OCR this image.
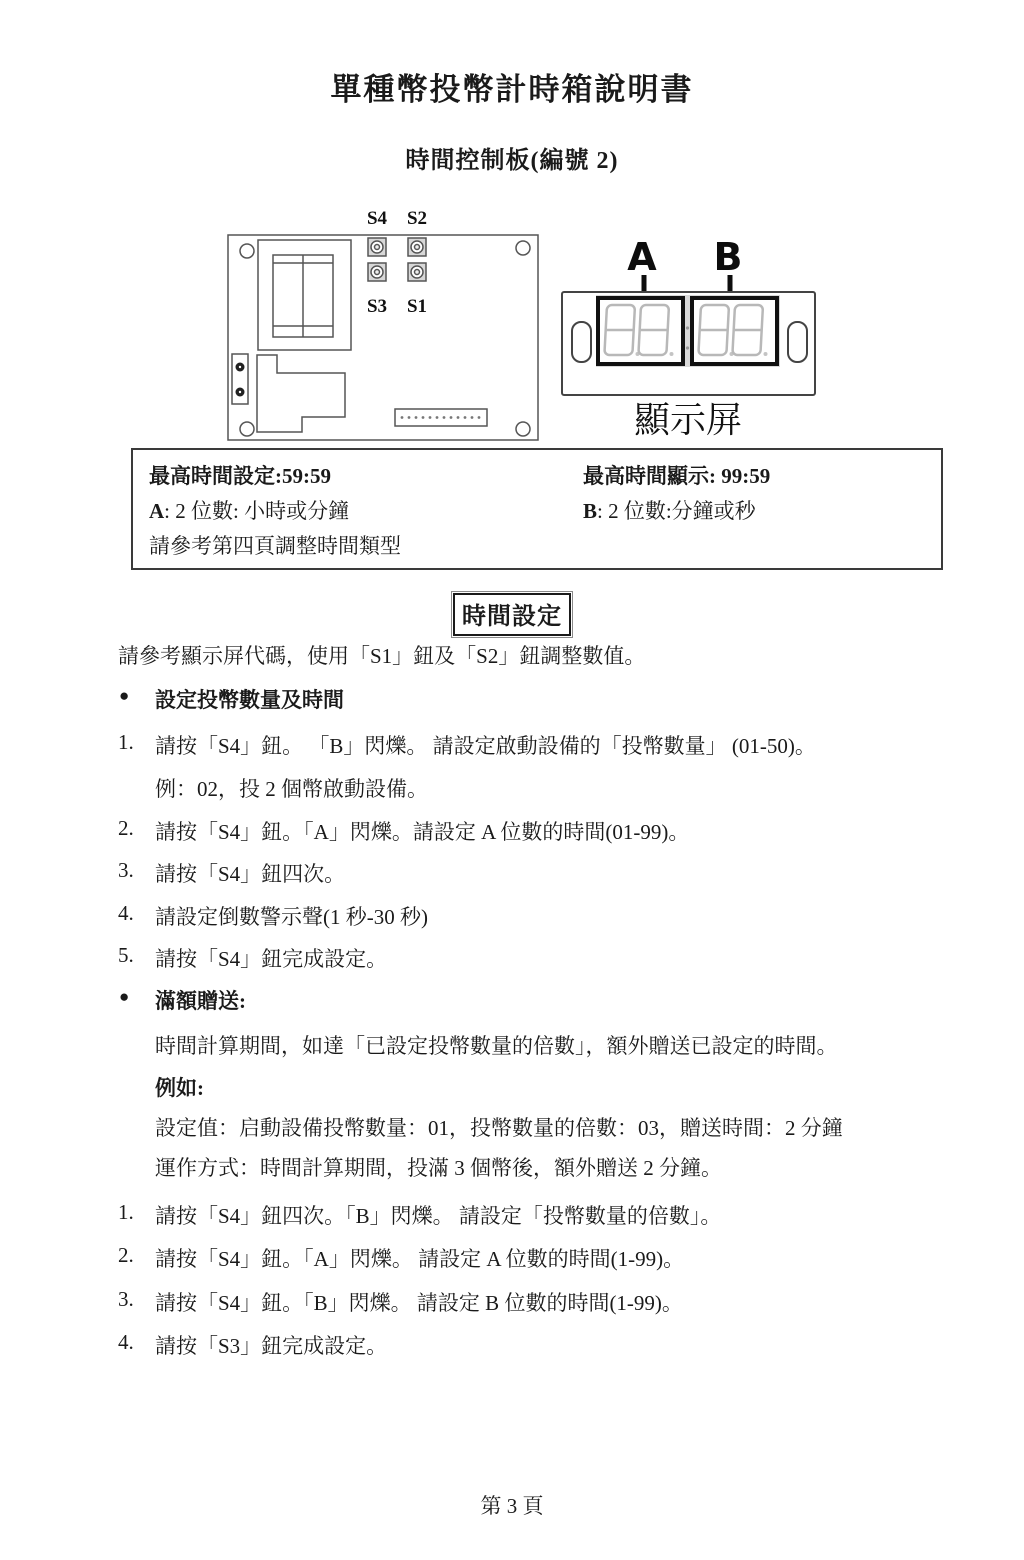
單種幣投幣計時箱說明書
時間控制板(編號 2)
S4 S2
S3 S1
A B
顯示屏
最高時間設定:59:59
A: 2 位數: 小時或分鐘
請參考第四頁調整時間類型
最高時間顯示: 99:59
B: 2 位數:分鐘或秒
時間設定

請參考顯示屏代碼，使用「S1」鈕及「S2」鈕調整數值。

●

設定投幣數量及時間

1.

請按「S4」鈕。 「B」閃爍。 請設定啟動設備的「投幣數量」 (01-50)。

例：02，投 2 個幣啟動設備。

2.

請按「S4」鈕。「A」閃爍。請設定 A 位數的時間(01-99)。

3.

請按「S4」鈕四次。

4.

請設定倒數警示聲(1 秒-30 秒)

5.

請按「S4」鈕完成設定。

●

滿額贈送:

時間計算期間，如達「已設定投幣數量的倍數」，額外贈送已設定的時間。

例如:

設定值：启動設備投幣數量：01，投幣數量的倍數：03，贈送時間：2 分鐘

運作方式：時間計算期間，投滿 3 個幣後，額外贈送 2 分鐘。

1.

請按「S4」鈕四次。「B」閃爍。 請設定「投幣數量的倍數」。

2.

請按「S4」鈕。「A」閃爍。 請設定 A 位數的時間(1-99)。

3.

請按「S4」鈕。「B」閃爍。 請設定 B 位數的時間(1-99)。

4.

請按「S3」鈕完成設定。

第 3 頁
